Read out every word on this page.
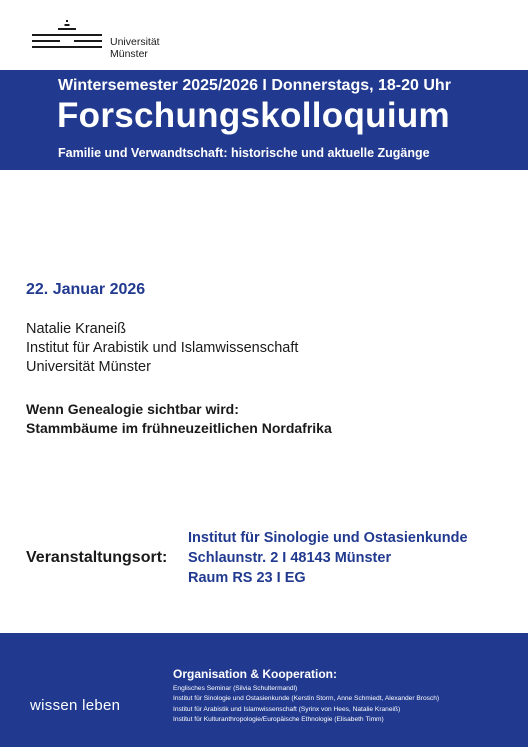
Universität
Münster
Wintersemester 2025/2026 I Donnerstags, 18-20 Uhr
Forschungskolloquium
Familie und Verwandtschaft: historische und aktuelle Zugänge
22. Januar 2026
Natalie Kraneiß
Institut für Arabistik und Islamwissenschaft
Universität Münster
Wenn Genealogie sichtbar wird:
Stammbäume im frühneuzeitlichen Nordafrika
Veranstaltungsort:
Institut für Sinologie und Ostasienkunde
Schlaunstr. 2 I 48143 Münster
Raum RS 23 I EG
wissen leben
Organisation & Kooperation:
Englisches Seminar (Silvia Schultermandl)
Institut für Sinologie und Ostasienkunde (Kerstin Storm, Anne Schmiedt, Alexander Brosch)
Institut für Arabistik und Islamwissenschaft (Syrinx von Hees, Natalie Kraneiß)
Institut für Kulturanthropologie/Europäische Ethnologie (Elisabeth Timm)
